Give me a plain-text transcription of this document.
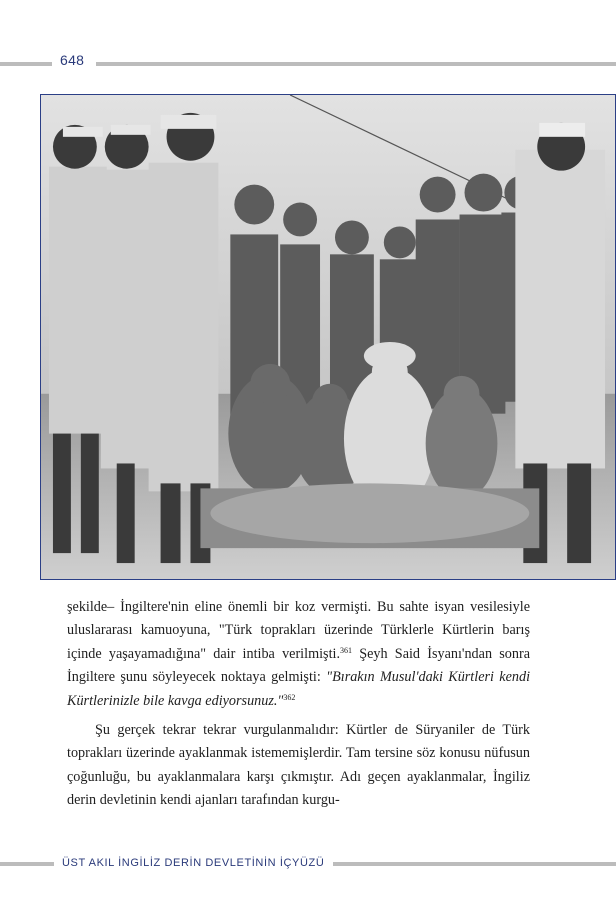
648

şekilde– İngiltere'nin eline önemli bir koz vermişti. Bu sahte isyan vesilesiyle uluslararası kamuoyuna, "Türk toprakları üzerinde Türklerle Kürtlerin barış içinde yaşayamadığına" dair intiba verilmişti.$^{361}$ Şeyh Said İsyanı'ndan sonra İngiltere şunu söyleyecek noktaya gelmişti: "Bırakın Musul'daki Kürtleri kendi Kürtlerinizle bile kavga ediyorsunuz."$^{362}$

Şu gerçek tekrar tekrar vurgulanmalıdır: Kürtler de Süryaniler de Türk toprakları üzerinde ayaklanmak istememişlerdir. Tam tersine söz konusu nüfusun çoğunluğu, bu ayaklanmalara karşı çıkmıştır. Adı geçen ayaklanmalar, İngiliz derin devletinin kendi ajanları tarafından kurgu-

ÜST AKIL İNGİLİZ DERİN DEVLETİNİN İÇYÜZÜ
